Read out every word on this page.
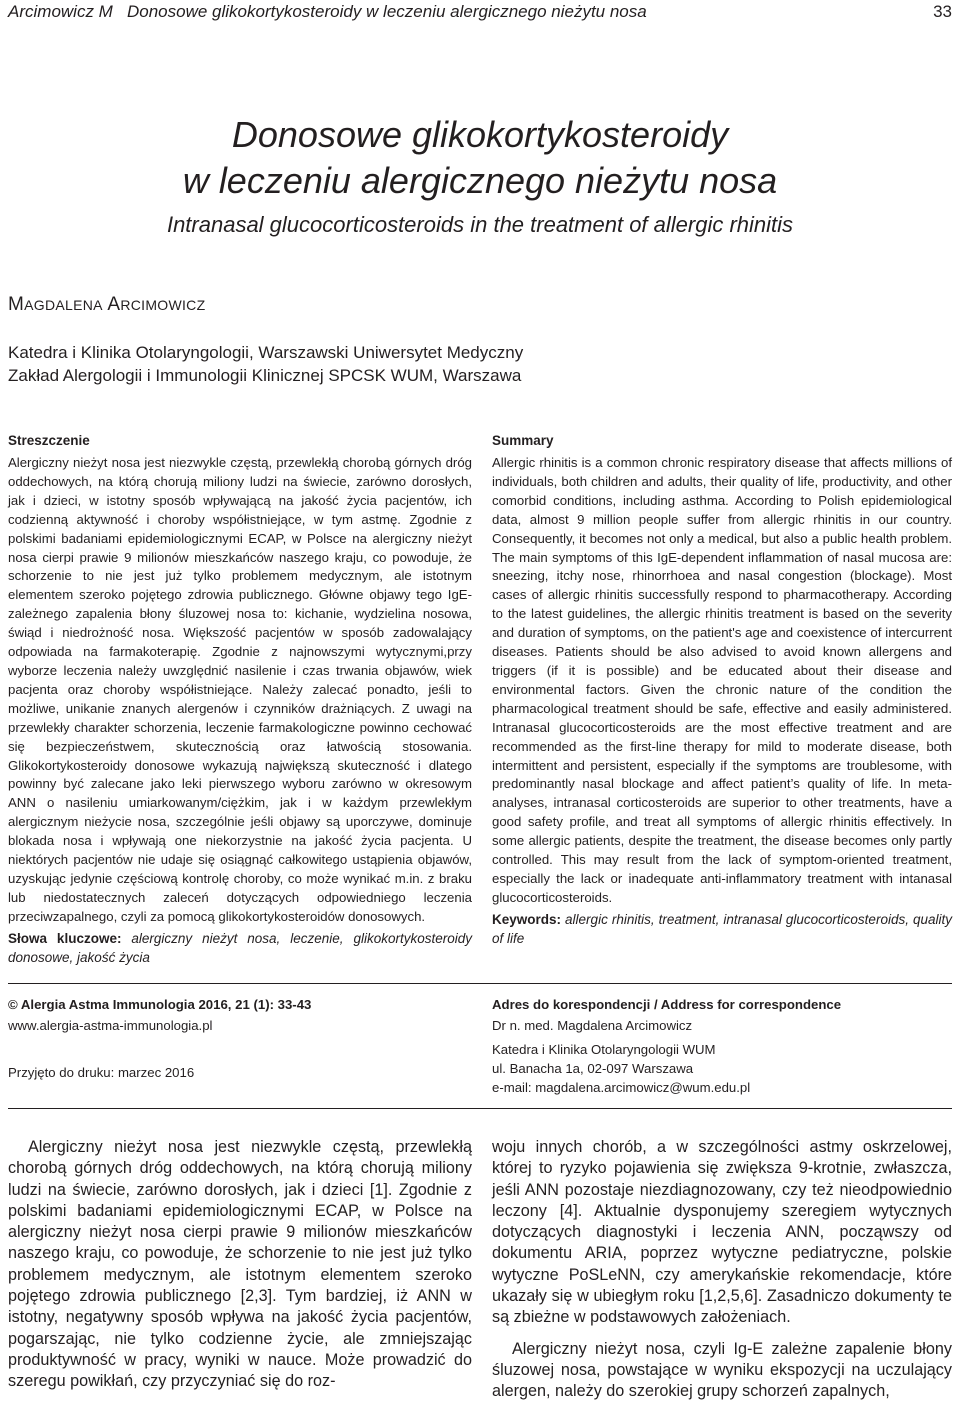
Arcimowicz M   Donosowe glikokortykosteroidy w leczeniu alergicznego nieżytu nosa	33
Donosowe glikokortykosteroidy
w leczeniu alergicznego nieżytu nosa
Intranasal glucocorticosteroids in the treatment of allergic rhinitis
MAGDALENA ARCIMOWICZ
Katedra i Klinika Otolaryngologii, Warszawski Uniwersytet Medyczny
Zakład Alergologii i Immunologii Klinicznej SPCSK WUM, Warszawa
Streszczenie
Alergiczny nieżyt nosa jest niezwykle częstą, przewlekłą chorobą górnych dróg oddechowych, na którą chorują miliony ludzi na świecie, zarówno dorosłych, jak i dzieci, w istotny sposób wpływającą na jakość życia pacjentów, ich codzienną aktywność i choroby współistniejące, w tym astmę. Zgodnie z polskimi badaniami epidemiologicznymi ECAP, w Polsce na alergiczny nieżyt nosa cierpi prawie 9 milionów mieszkańców naszego kraju, co powoduje, że schorzenie to nie jest już tylko problemem medycznym, ale istotnym elementem szeroko pojętego zdrowia publicznego. Główne objawy tego IgE-zależnego zapalenia błony śluzowej nosa to: kichanie, wydzielina nosowa, świąd i niedrożność nosa. Większość pacjentów w sposób zadowalający odpowiada na farmakoterapię. Zgodnie z najnowszymi wytycznymi,przy wyborze leczenia należy uwzględnić nasilenie i czas trwania objawów, wiek pacjenta oraz choroby współistniejące. Należy zalecać ponadto, jeśli to możliwe, unikanie znanych alergenów i czynników drażniących. Z uwagi na przewlekły charakter schorzenia, leczenie farmakologiczne powinno cechować się bezpieczeństwem, skutecznością oraz łatwością stosowania. Glikokortykosteroidy donosowe wykazują największą skuteczność i dlatego powinny być zalecane jako leki pierwszego wyboru zarówno w okresowym ANN o nasileniu umiarkowanym/ciężkim, jak i w każdym przewlekłym alergicznym nieżycie nosa, szczególnie jeśli objawy są uporczywe, dominuje blokada nosa i wpływają one niekorzystnie na jakość życia pacjenta. U niektórych pacjentów nie udaje się osiągnąć całkowitego ustąpienia objawów, uzyskując jedynie częściową kontrolę choroby, co może wynikać m.in. z braku lub niedostatecznych zaleceń dotyczących odpowiedniego leczenia przeciwzapalnego, czyli za pomocą glikokortykosteroidów donosowych.
Słowa kluczowe: alergiczny nieżyt nosa, leczenie, glikokortykosteroidy donosowe, jakość życia
Summary
Allergic rhinitis is a common chronic respiratory disease that affects millions of individuals, both children and adults, their quality of life, productivity, and other comorbid conditions, including asthma. According to Polish epidemiological data, almost 9 million people suffer from allergic rhinitis in our country. Consequently, it becomes not only a medical, but also a public health problem. The main symptoms of this IgE-dependent inflammation of nasal mucosa are: sneezing, itchy nose, rhinorrhoea and nasal congestion (blockage). Most cases of allergic rhinitis successfully respond to pharmacotherapy. According to the latest guidelines, the allergic rhinitis treatment is based on the severity and duration of symptoms, on the patient's age and coexistence of intercurrent diseases. Patients should be also advised to avoid known allergens and triggers (if it is possible) and be educated about their disease and environmental factors. Given the chronic nature of the condition the pharmacological treatment should be safe, effective and easily administered. Intranasal glucocorticosteroids are the most effective treatment and are recommended as the first-line therapy for mild to moderate disease, both intermittent and persistent, especially if the symptoms are troublesome, with predominantly nasal blockage and affect patient’s quality of life. In meta-analyses, intranasal corticosteroids are superior to other treatments, have a good safety profile, and treat all symptoms of allergic rhinitis effectively. In some allergic patients, despite the treatment, the disease becomes only partly controlled. This may result from the lack of symptom-oriented treatment, especially the lack or inadequate anti-inflammatory treatment with intanasal glucocorticosteroids.
Keywords: allergic rhinitis, treatment, intranasal glucocorticosteroids, quality of life
© Alergia Astma Immunologia 2016, 21 (1): 33-43
www.alergia-astma-immunologia.pl
Przyjęto do druku: marzec 2016
Adres do korespondencji / Address for correspondence
Dr n. med. Magdalena Arcimowicz
Katedra i Klinika Otolaryngologii WUM
ul. Banacha 1a, 02-097 Warszawa
e-mail: magdalena.arcimowicz@wum.edu.pl

Alergiczny nieżyt nosa jest niezwykle częstą, przewlekłą chorobą górnych dróg oddechowych, na którą chorują miliony ludzi na świecie, zarówno dorosłych, jak i dzieci [1]. Zgodnie z polskimi badaniami epidemiologicznymi ECAP, w Polsce na alergiczny nieżyt nosa cierpi prawie 9 milionów mieszkańców naszego kraju, co powoduje, że schorzenie to nie jest już tylko problemem medycznym, ale istotnym elementem szeroko pojętego zdrowia publicznego [2,3]. Tym bardziej, iż ANN w istotny, negatywny sposób wpływa na jakość życia pacjentów, pogarszając, nie tylko codzienne życie, ale zmniejszając produktywność w pracy, wyniki w nauce. Może prowadzić do szeregu powikłań, czy przyczyniać się do roz-

woju innych chorób, a w szczególności astmy oskrzelowej, której to ryzyko pojawienia się zwiększa 9-krotnie, zwłaszcza, jeśli ANN pozostaje niezdiagnozowany, czy też nieodpowiednio leczony [4]. Aktualnie dysponujemy szeregiem wytycznych dotyczących diagnostyki i leczenia ANN, począwszy od dokumentu ARIA, poprzez wytyczne pediatryczne, polskie wytyczne PoSLeNN, czy amerykańskie rekomendacje, które ukazały się w ubiegłym roku [1,2,5,6]. Zasadniczo dokumenty te są zbieżne w podstawowych założeniach.

Alergiczny nieżyt nosa, czyli Ig-E zależne zapalenie błony śluzowej nosa, powstające w wyniku ekspozycji na uczulający alergen, należy do szerokiej grupy schorzeń zapalnych,
